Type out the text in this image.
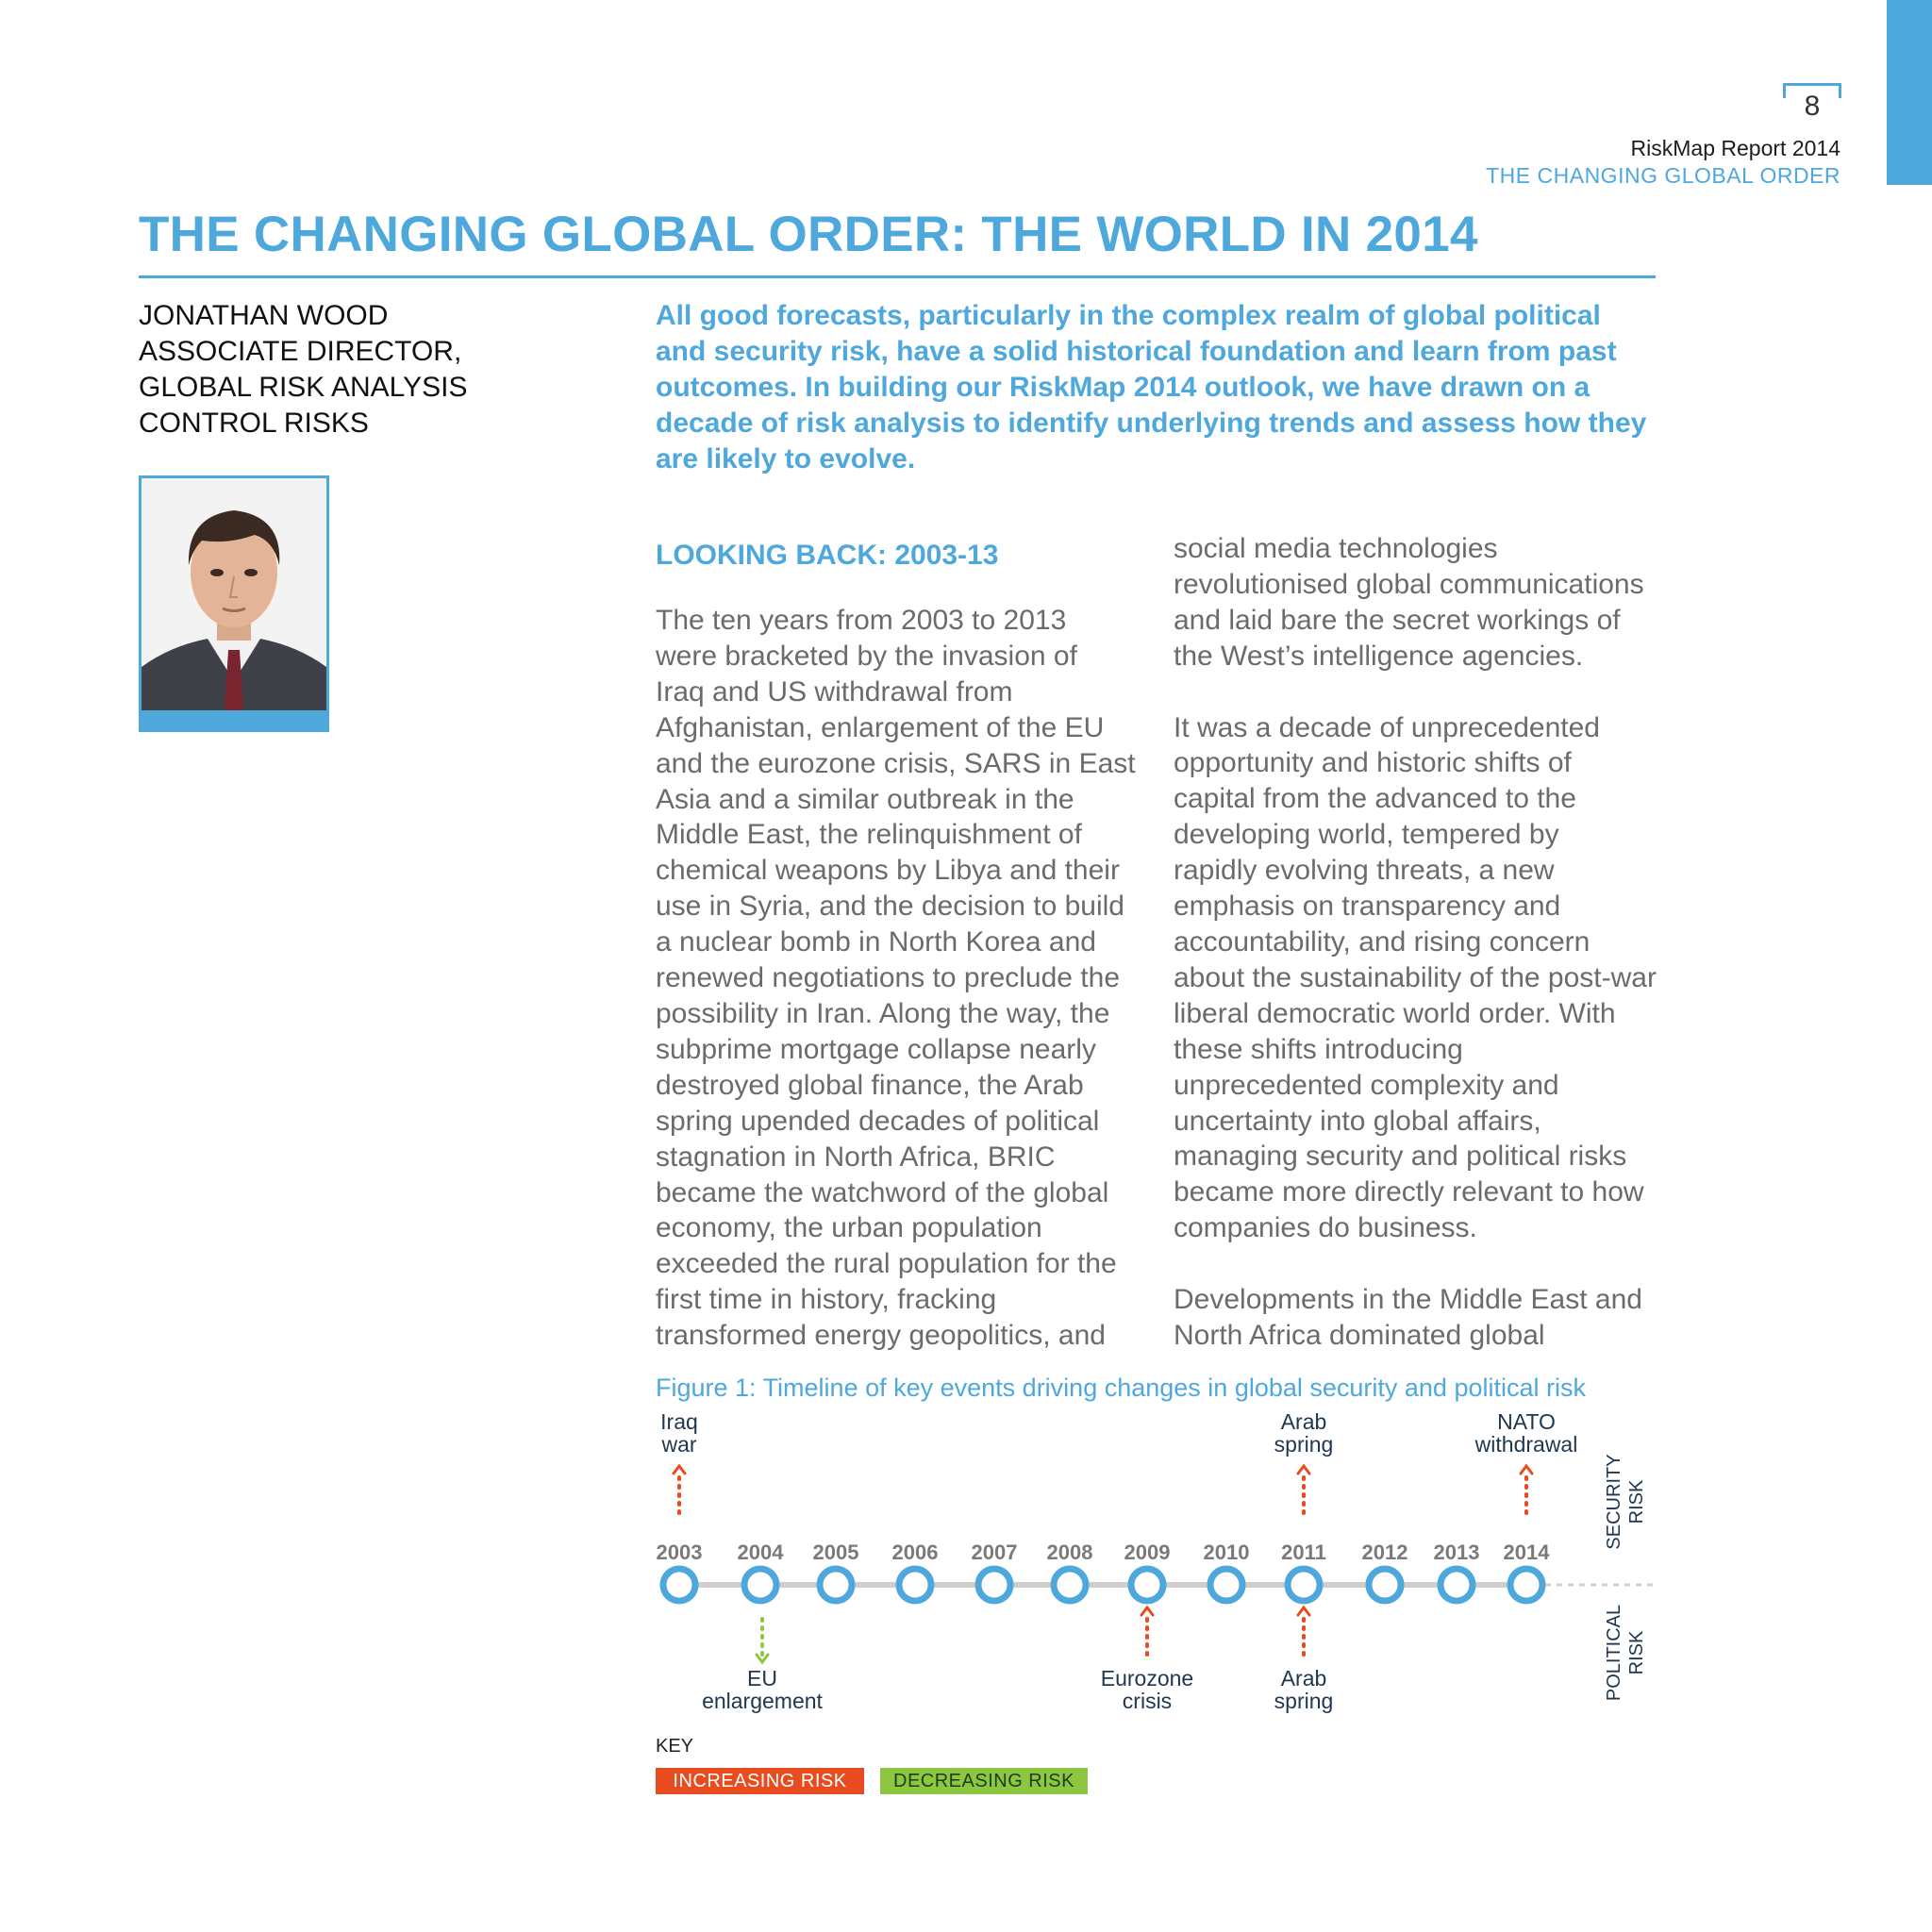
8
RiskMap Report 2014
THE CHANGING GLOBAL ORDER
THE CHANGING GLOBAL ORDER: THE WORLD IN 2014
JONATHAN WOOD
ASSOCIATE DIRECTOR,
GLOBAL RISK ANALYSIS
CONTROL RISKS
All good forecasts, particularly in the complex realm of global political
and security risk, have a solid historical foundation and learn from past
outcomes. In building our RiskMap 2014 outlook, we have drawn on a
decade of risk analysis to identify underlying trends and assess how they
are likely to evolve.
LOOKING BACK: 2003-13
The ten years from 2003 to 2013
were bracketed by the invasion of
Iraq and US withdrawal from
Afghanistan, enlargement of the EU
and the eurozone crisis, SARS in East
Asia and a similar outbreak in the
Middle East, the relinquishment of
chemical weapons by Libya and their
use in Syria, and the decision to build
a nuclear bomb in North Korea and
renewed negotiations to preclude the
possibility in Iran. Along the way, the
subprime mortgage collapse nearly
destroyed global finance, the Arab
spring upended decades of political
stagnation in North Africa, BRIC
became the watchword of the global
economy, the urban population
exceeded the rural population for the
first time in history, fracking
transformed energy geopolitics, and
social media technologies
revolutionised global communications
and laid bare the secret workings of
the West’s intelligence agencies.

It was a decade of unprecedented
opportunity and historic shifts of
capital from the advanced to the
developing world, tempered by
rapidly evolving threats, a new
emphasis on transparency and
accountability, and rising concern
about the sustainability of the post-war
liberal democratic world order. With
these shifts introducing
unprecedented complexity and
uncertainty into global affairs,
managing security and political risks
became more directly relevant to how
companies do business.

Developments in the Middle East and
North Africa dominated global
Figure 1: Timeline of key events driving changes in global security and political risk
2003 2004 2005 2006 2007 2008 2009 2010 2011 2012 2013 2014
Iraq
war
Arab
spring
NATO
withdrawal
EU
enlargement
Eurozone
crisis
Arab
spring
SECURITY RISK
POLITICAL RISK
KEY
INCREASING RISK	DECREASING RISK
